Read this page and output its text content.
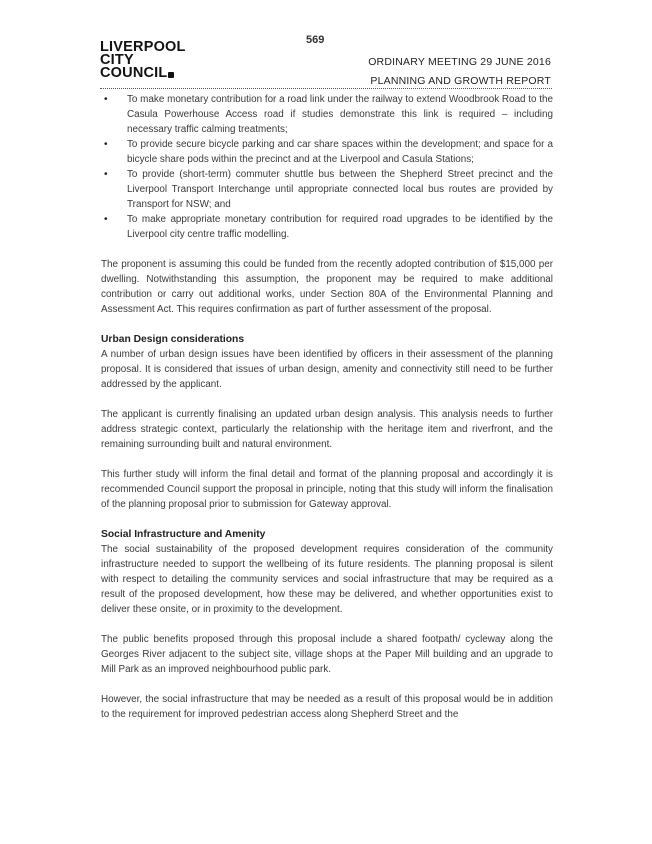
569
LIVERPOOL
CITY
COUNCIL
ORDINARY MEETING 29 JUNE 2016
PLANNING AND GROWTH REPORT
• To make monetary contribution for a road link under the railway to extend Woodbrook Road to the Casula Powerhouse Access road if studies demonstrate this link is required – including necessary traffic calming treatments;
• To provide secure bicycle parking and car share spaces within the development; and space for a bicycle share pods within the precinct and at the Liverpool and Casula Stations;
• To provide (short-term) commuter shuttle bus between the Shepherd Street precinct and the Liverpool Transport Interchange until appropriate connected local bus routes are provided by Transport for NSW; and
• To make appropriate monetary contribution for required road upgrades to be identified by the Liverpool city centre traffic modelling.

The proponent is assuming this could be funded from the recently adopted contribution of $15,000 per dwelling. Notwithstanding this assumption, the proponent may be required to make additional contribution or carry out additional works, under Section 80A of the Environmental Planning and Assessment Act. This requires confirmation as part of further assessment of the proposal.

Urban Design considerations

A number of urban design issues have been identified by officers in their assessment of the planning proposal. It is considered that issues of urban design, amenity and connectivity still need to be further addressed by the applicant.

The applicant is currently finalising an updated urban design analysis. This analysis needs to further address strategic context, particularly the relationship with the heritage item and riverfront, and the remaining surrounding built and natural environment.

This further study will inform the final detail and format of the planning proposal and accordingly it is recommended Council support the proposal in principle, noting that this study will inform the finalisation of the planning proposal prior to submission for Gateway approval.

Social Infrastructure and Amenity

The social sustainability of the proposed development requires consideration of the community infrastructure needed to support the wellbeing of its future residents. The planning proposal is silent with respect to detailing the community services and social infrastructure that may be required as a result of the proposed development, how these may be delivered, and whether opportunities exist to deliver these onsite, or in proximity to the development.

The public benefits proposed through this proposal include a shared footpath/ cycleway along the Georges River adjacent to the subject site, village shops at the Paper Mill building and an upgrade to Mill Park as an improved neighbourhood public park.

However, the social infrastructure that may be needed as a result of this proposal would be in addition to the requirement for improved pedestrian access along Shepherd Street and the
